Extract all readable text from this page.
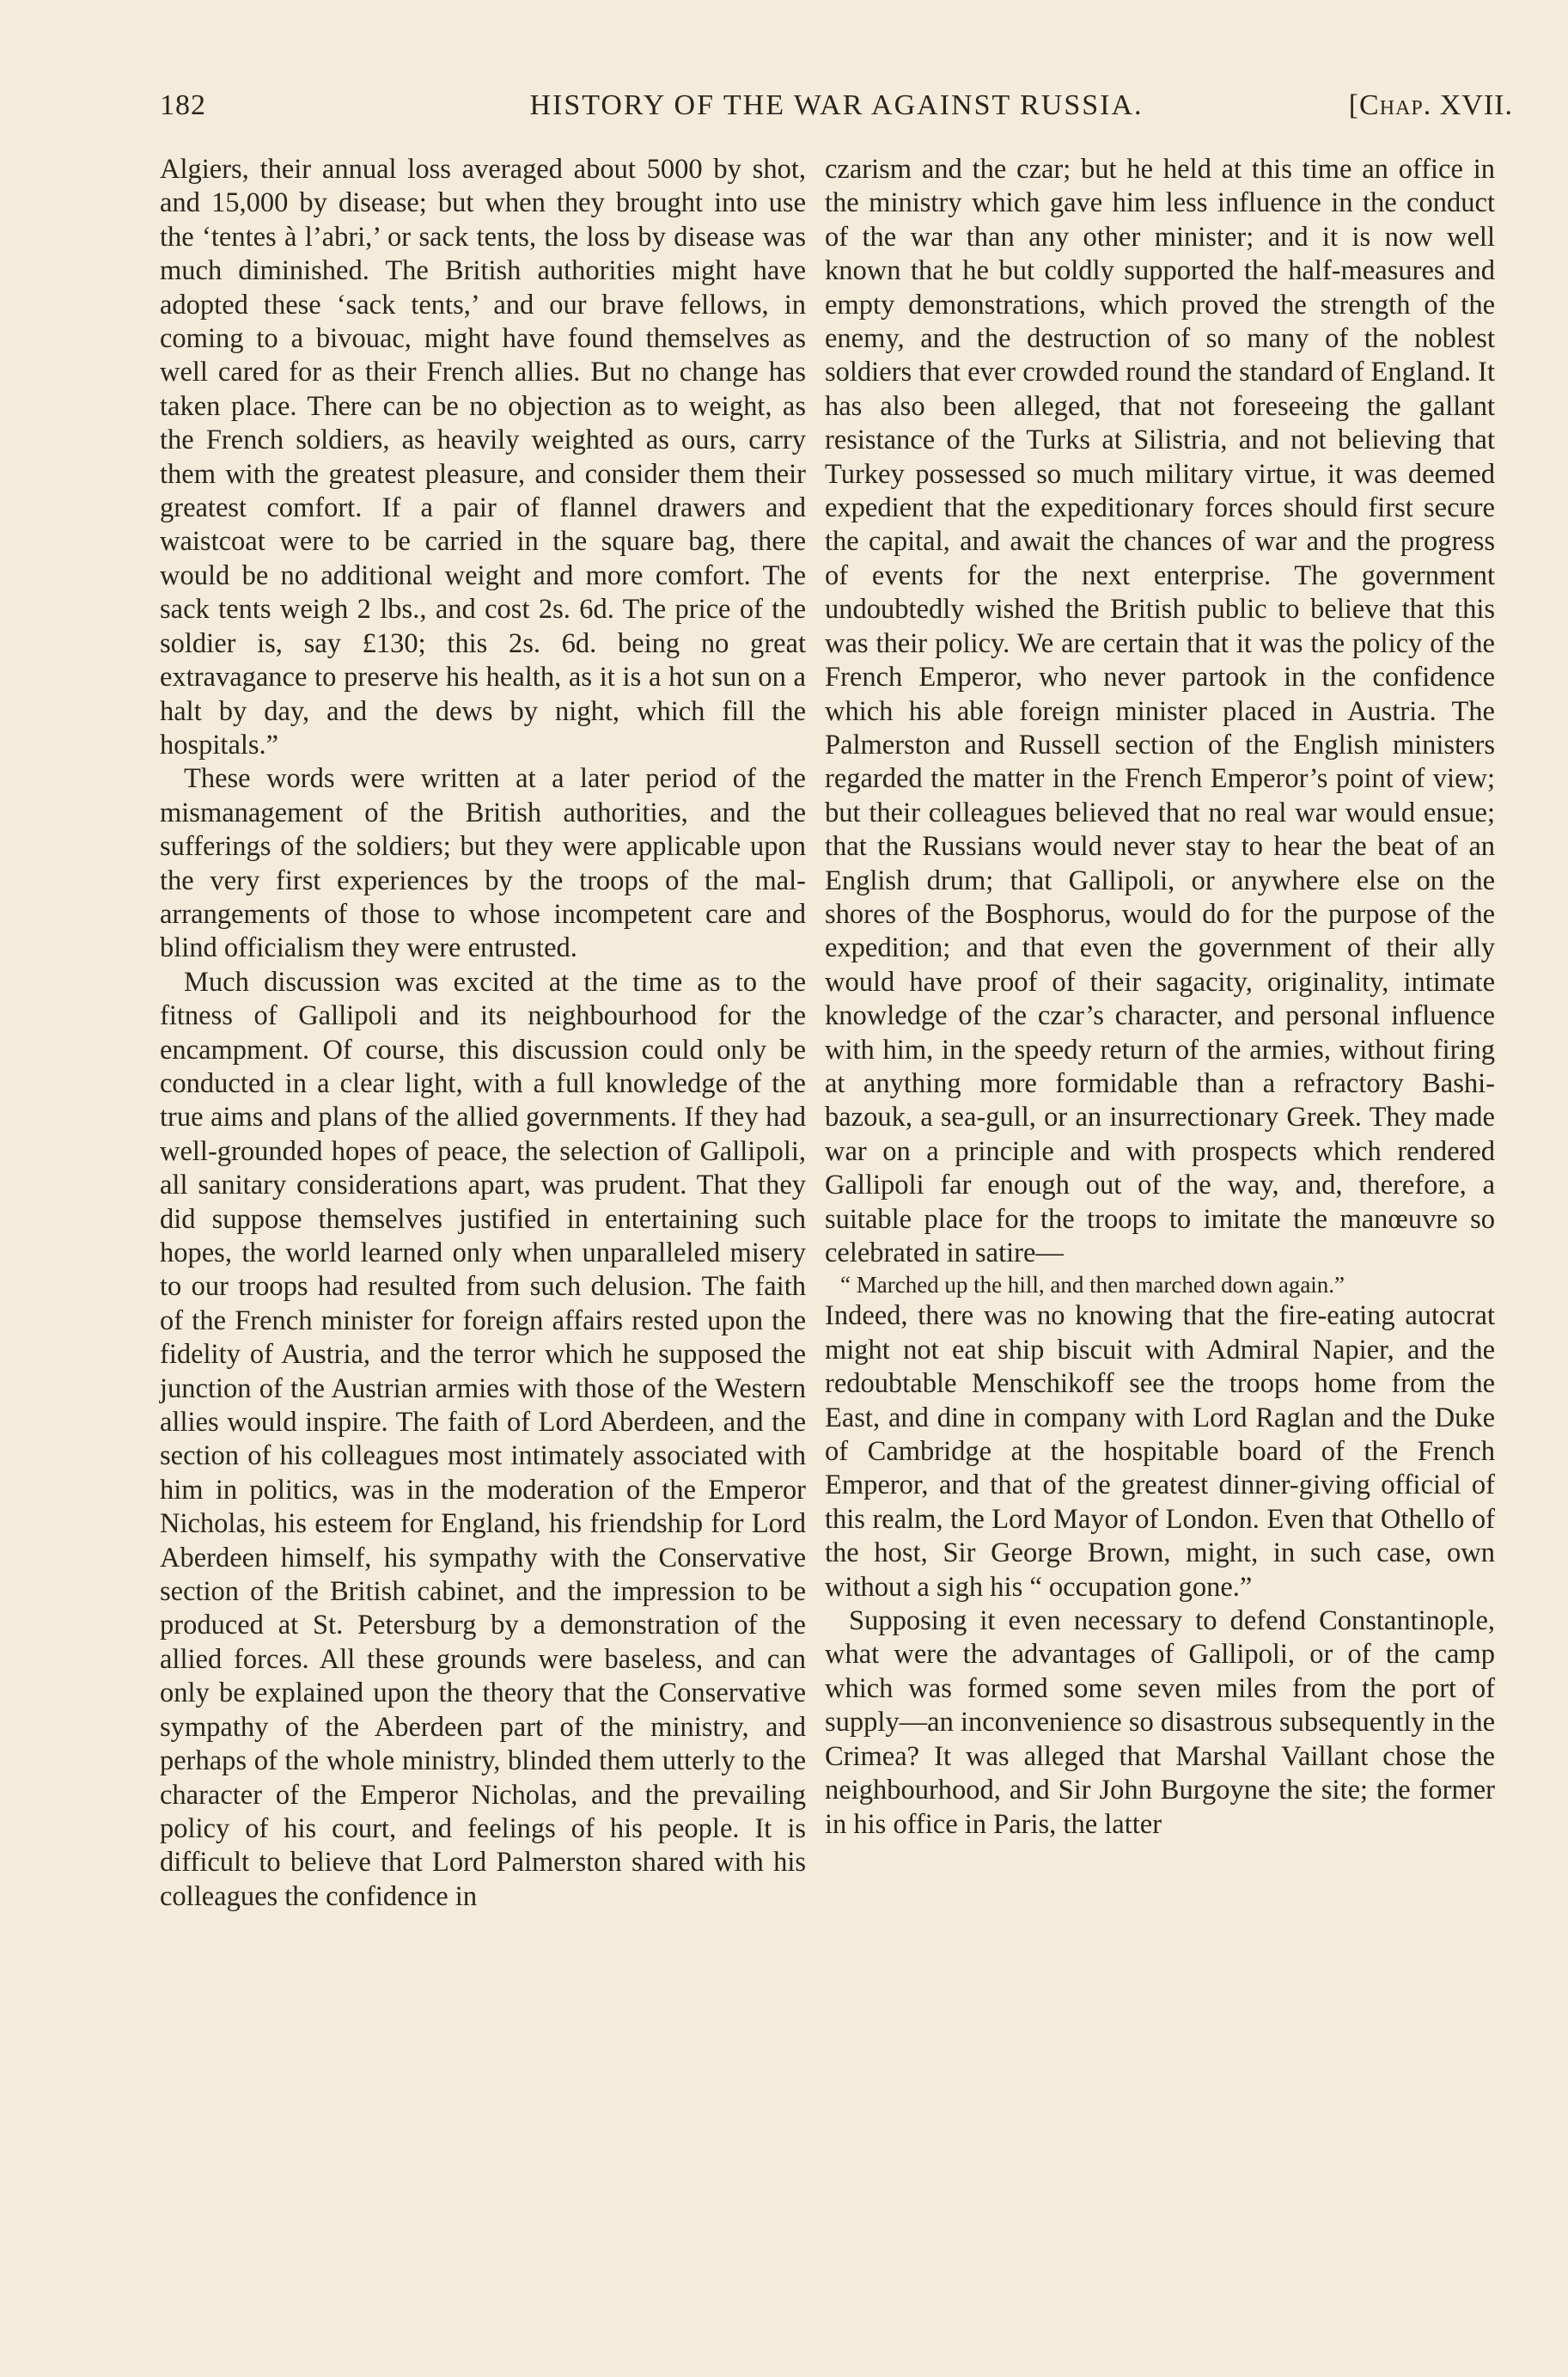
182	HISTORY OF THE WAR AGAINST RUSSIA.	[Chap. XVII.

Algiers, their annual loss averaged about 5000 by shot, and 15,000 by disease; but when they brought into use the ‘tentes à l’abri,’ or sack tents, the loss by disease was much diminished. The British authorities might have adopted these ‘sack tents,’ and our brave fellows, in coming to a bivouac, might have found themselves as well cared for as their French allies. But no change has taken place. There can be no objection as to weight, as the French soldiers, as heavily weighted as ours, carry them with the greatest pleasure, and consider them their greatest comfort. If a pair of flannel drawers and waistcoat were to be carried in the square bag, there would be no additional weight and more comfort. The sack tents weigh 2 lbs., and cost 2s. 6d. The price of the soldier is, say £130; this 2s. 6d. being no great extravagance to preserve his health, as it is a hot sun on a halt by day, and the dews by night, which fill the hospitals.”

These words were written at a later period of the mismanagement of the British authorities, and the sufferings of the soldiers; but they were applicable upon the very first experiences by the troops of the mal-arrangements of those to whose incompetent care and blind officialism they were entrusted.

Much discussion was excited at the time as to the fitness of Gallipoli and its neighbourhood for the encampment. Of course, this discussion could only be conducted in a clear light, with a full knowledge of the true aims and plans of the allied governments. If they had well-grounded hopes of peace, the selection of Gallipoli, all sanitary considerations apart, was prudent. That they did suppose themselves justified in entertaining such hopes, the world learned only when unparalleled misery to our troops had resulted from such delusion. The faith of the French minister for foreign affairs rested upon the fidelity of Austria, and the terror which he supposed the junction of the Austrian armies with those of the Western allies would inspire. The faith of Lord Aberdeen, and the section of his colleagues most intimately associated with him in politics, was in the moderation of the Emperor Nicholas, his esteem for England, his friendship for Lord Aberdeen himself, his sympathy with the Conservative section of the British cabinet, and the impression to be produced at St. Petersburg by a demonstration of the allied forces. All these grounds were baseless, and can only be explained upon the theory that the Conservative sympathy of the Aberdeen part of the ministry, and perhaps of the whole ministry, blinded them utterly to the character of the Emperor Nicholas, and the prevailing policy of his court, and feelings of his people. It is difficult to believe that Lord Palmerston shared with his colleagues the confidence in

czarism and the czar; but he held at this time an office in the ministry which gave him less influence in the conduct of the war than any other minister; and it is now well known that he but coldly supported the half-measures and empty demonstrations, which proved the strength of the enemy, and the destruction of so many of the noblest soldiers that ever crowded round the standard of England. It has also been alleged, that not foreseeing the gallant resistance of the Turks at Silistria, and not believing that Turkey possessed so much military virtue, it was deemed expedient that the expeditionary forces should first secure the capital, and await the chances of war and the progress of events for the next enterprise. The government undoubtedly wished the British public to believe that this was their policy. We are certain that it was the policy of the French Emperor, who never partook in the confidence which his able foreign minister placed in Austria. The Palmerston and Russell section of the English ministers regarded the matter in the French Emperor’s point of view; but their colleagues believed that no real war would ensue; that the Russians would never stay to hear the beat of an English drum; that Gallipoli, or anywhere else on the shores of the Bosphorus, would do for the purpose of the expedition; and that even the government of their ally would have proof of their sagacity, originality, intimate knowledge of the czar’s character, and personal influence with him, in the speedy return of the armies, without firing at anything more formidable than a refractory Bashi-bazouk, a sea-gull, or an insurrectionary Greek. They made war on a principle and with prospects which rendered Gallipoli far enough out of the way, and, therefore, a suitable place for the troops to imitate the manœuvre so celebrated in satire—

“ Marched up the hill, and then marched down again.”

Indeed, there was no knowing that the fire-eating autocrat might not eat ship biscuit with Admiral Napier, and the redoubtable Menschikoff see the troops home from the East, and dine in company with Lord Raglan and the Duke of Cambridge at the hospitable board of the French Emperor, and that of the greatest dinner-giving official of this realm, the Lord Mayor of London. Even that Othello of the host, Sir George Brown, might, in such case, own without a sigh his “ occupation gone.”

Supposing it even necessary to defend Constantinople, what were the advantages of Gallipoli, or of the camp which was formed some seven miles from the port of supply—an inconvenience so disastrous subsequently in the Crimea? It was alleged that Marshal Vaillant chose the neighbourhood, and Sir John Burgoyne the site; the former in his office in Paris, the latter
